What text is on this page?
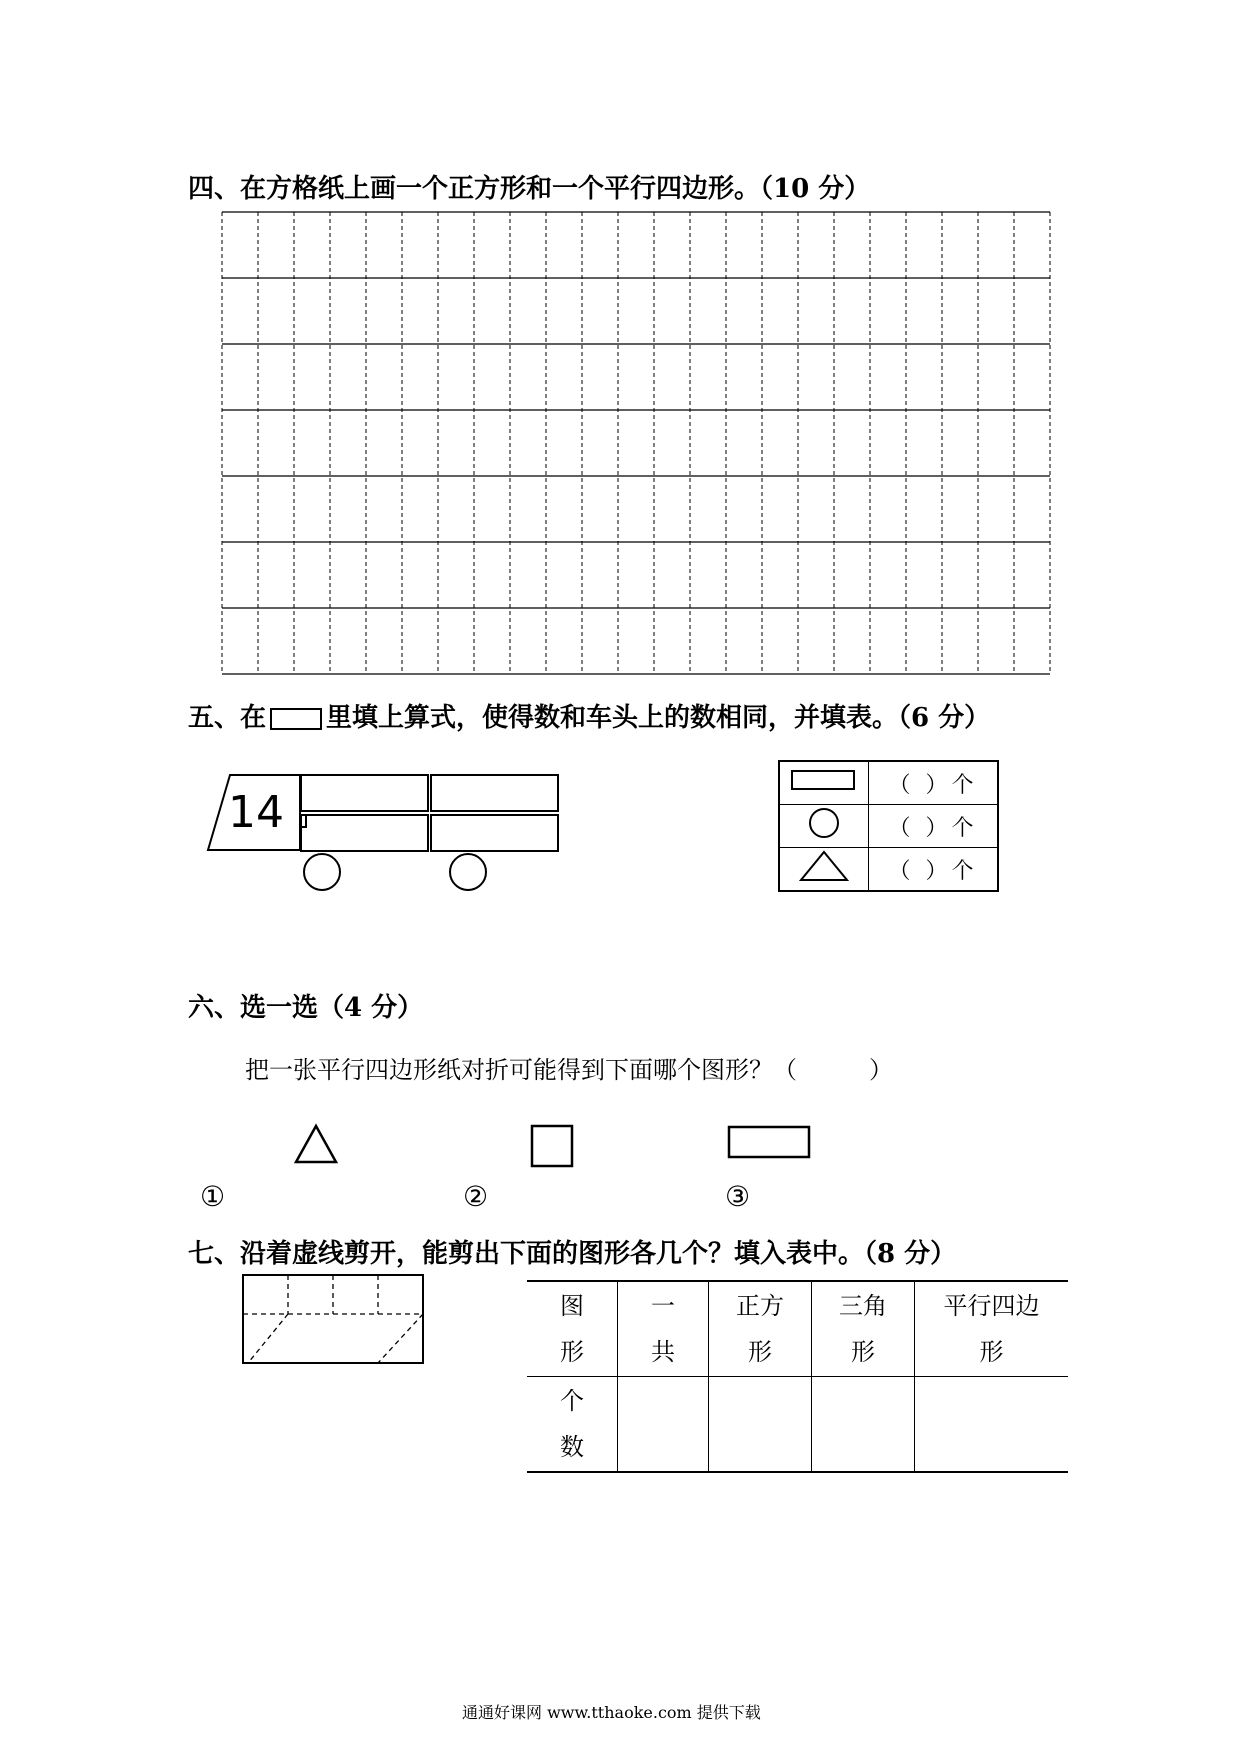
四、在方格纸上画一个正方形和一个平行四边形。（10 分）
五、在 里填上算式，使得数和车头上的数相同，并填表。（6 分）
14
	（ ）个
	（ ）个
	（ ）个
六、选一选（4 分）
把一张平行四边形纸对折可能得到下面哪个图形？（　　　）
①	②	③
七、沿着虚线剪开，能剪出下面的图形各几个？填入表中。（8 分）
图形	一共	正方形	三角形	平行四边形

个数				

通通好课网 www.tthaoke.com 提供下载
